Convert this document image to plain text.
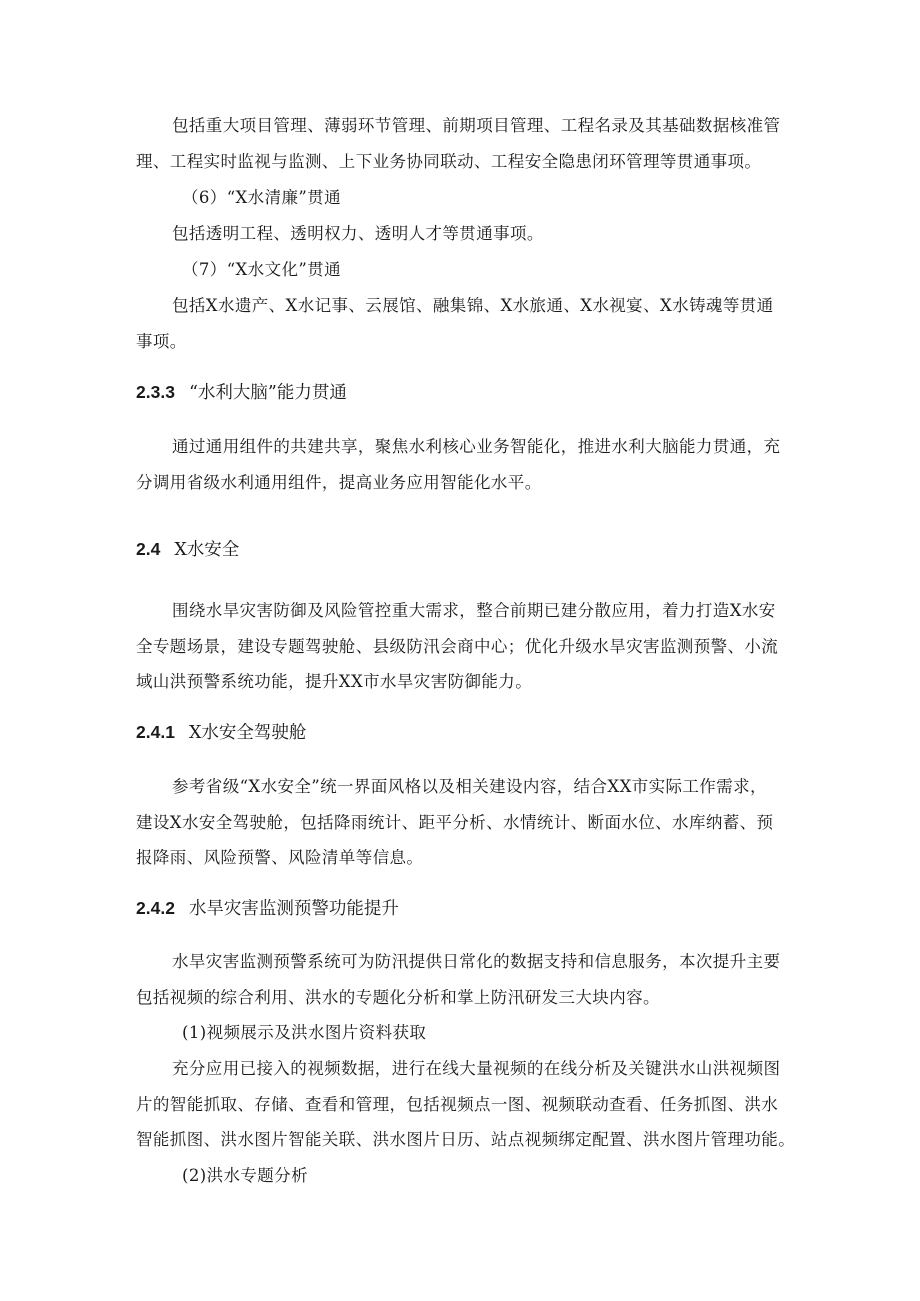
包括重大项目管理、薄弱环节管理、前期项目管理、工程名录及其基础数据核准管
理、工程实时监视与监测、上下业务协同联动、工程安全隐患闭环管理等贯通事项。
（6）“X水清廉”贯通
包括透明工程、透明权力、透明人才等贯通事项。
（7）“X水文化”贯通
包括X水遗产、X水记事、云展馆、融集锦、X水旅通、X水视宴、X水铸魂等贯通
事项。
2.3.3 “水利大脑”能力贯通
通过通用组件的共建共享，聚焦水利核心业务智能化，推进水利大脑能力贯通，充
分调用省级水利通用组件，提高业务应用智能化水平。
2.4 X水安全
围绕水旱灾害防御及风险管控重大需求，整合前期已建分散应用，着力打造X水安
全专题场景，建设专题驾驶舱、县级防汛会商中心；优化升级水旱灾害监测预警、小流
域山洪预警系统功能，提升XX市水旱灾害防御能力。
2.4.1 X水安全驾驶舱
参考省级“X水安全”统一界面风格以及相关建设内容，结合XX市实际工作需求，
建设X水安全驾驶舱，包括降雨统计、距平分析、水情统计、断面水位、水库纳蓄、预
报降雨、风险预警、风险清单等信息。
2.4.2 水旱灾害监测预警功能提升
水旱灾害监测预警系统可为防汛提供日常化的数据支持和信息服务，本次提升主要
包括视频的综合利用、洪水的专题化分析和掌上防汛研发三大块内容。
(1)视频展示及洪水图片资料获取
充分应用已接入的视频数据，进行在线大量视频的在线分析及关键洪水山洪视频图
片的智能抓取、存储、查看和管理，包括视频点一图、视频联动查看、任务抓图、洪水
智能抓图、洪水图片智能关联、洪水图片日历、站点视频绑定配置、洪水图片管理功能。
(2)洪水专题分析
